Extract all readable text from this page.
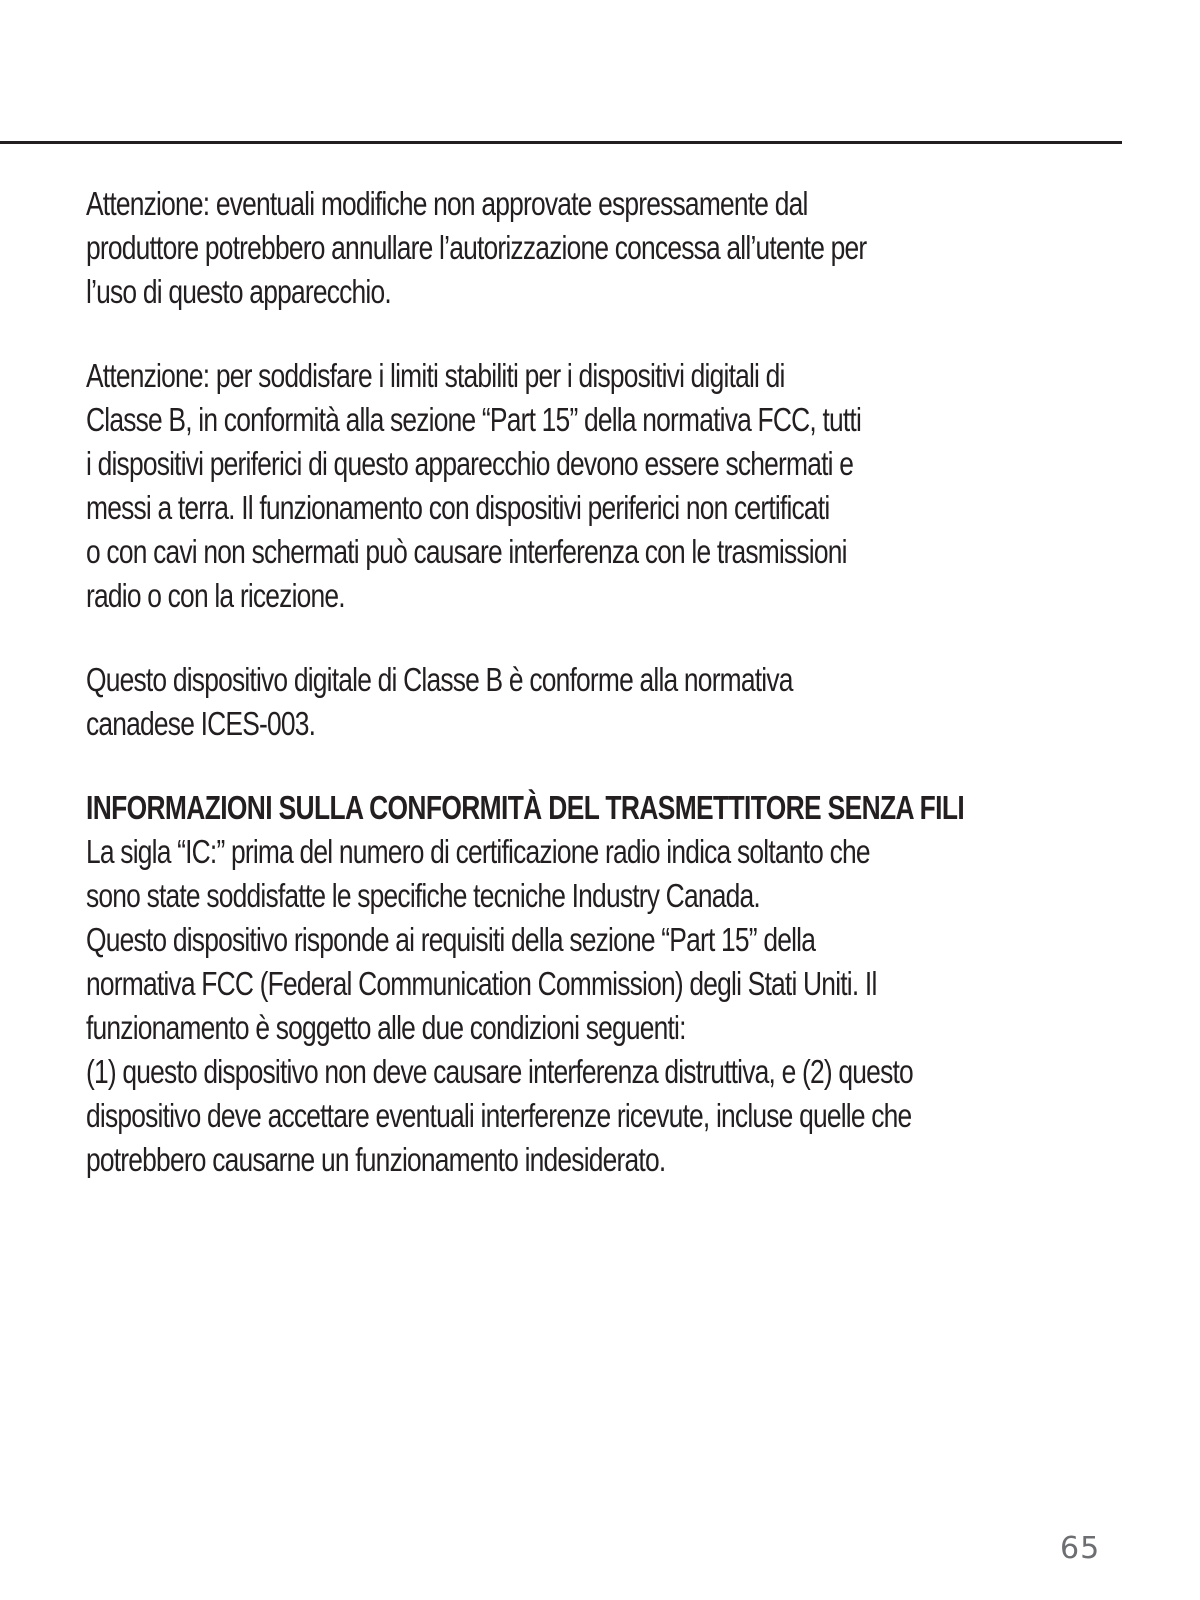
Attenzione: eventuali modifiche non approvate espressamente dal
produttore potrebbero annullare l’autorizzazione concessa all’utente per
l’uso di questo apparecchio.
Attenzione: per soddisfare i limiti stabiliti per i dispositivi digitali di
Classe B, in conformità alla sezione “Part 15” della normativa FCC, tutti
i dispositivi periferici di questo apparecchio devono essere schermati e
messi a terra. Il funzionamento con dispositivi periferici non certificati
o con cavi non schermati può causare interferenza con le trasmissioni
radio o con la ricezione.
Questo dispositivo digitale di Classe B è conforme alla normativa
canadese ICES-003.
INFORMAZIONI SULLA CONFORMITÀ DEL TRASMETTITORE SENZA FILI
La sigla “IC:” prima del numero di certificazione radio indica soltanto che
sono state soddisfatte le specifiche tecniche Industry Canada.
Questo dispositivo risponde ai requisiti della sezione “Part 15” della
normativa FCC (Federal Communication Commission) degli Stati Uniti. Il
funzionamento è soggetto alle due condizioni seguenti:
(1) questo dispositivo non deve causare interferenza distruttiva, e (2) questo
dispositivo deve accettare eventuali interferenze ricevute, incluse quelle che
potrebbero causarne un funzionamento indesiderato.
65
